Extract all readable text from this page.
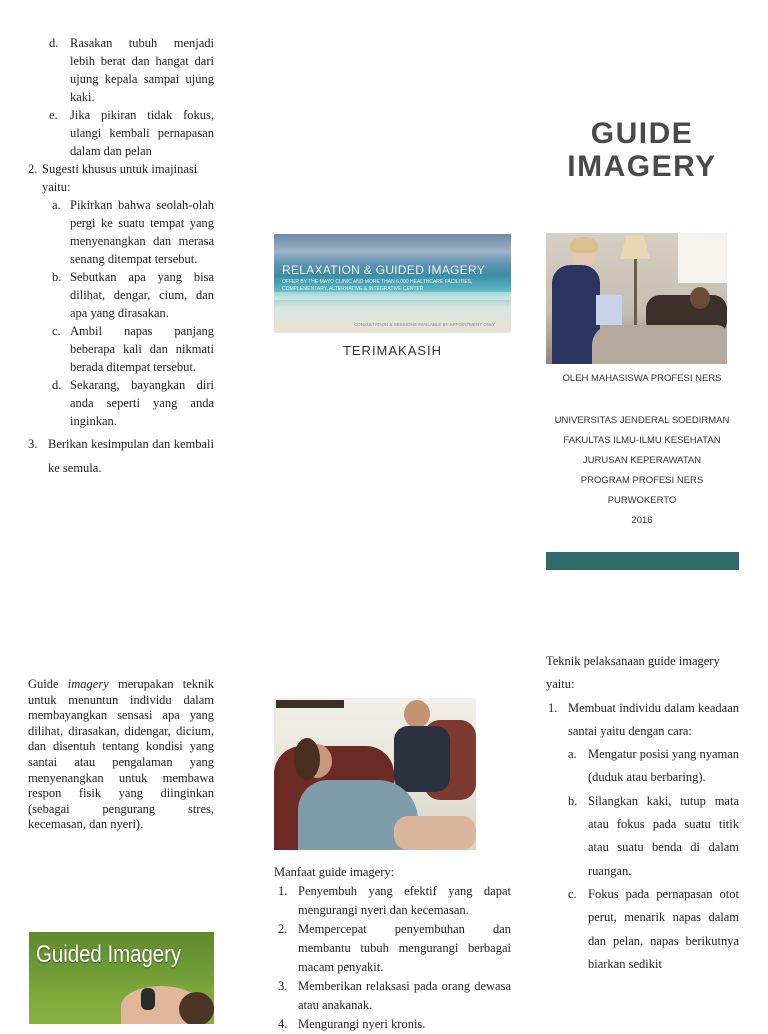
d. Rasakan tubuh menjadi lebih berat dan hangat dari ujung kepala sampai ujung kaki.
e. Jika pikiran tidak fokus, ulangi kembali pernapasan dalam dan pelan
2. Sugesti khusus untuk imajinasi yaitu:
a. Pikirkan bahwa seolah-olah pergi ke suatu tempat yang menyenangkan dan merasa senang ditempat tersebut.
b. Sebutkan apa yang bisa dilihat, dengar, cium, dan apa yang dirasakan.
c. Ambil napas panjang beberapa kali dan nikmati berada ditempat tersebut.
d. Sekarang, bayangkan diri anda seperti yang anda inginkan.
3. Berikan kesimpulan dan kembali ke semula.
RELAXATION & GUIDED IMAGERY
OFFER BY THE MAYO CLINIC AND MORE THAN 6,000 HEALTHCARE FACILITIES,
COMPLEMENTARY, ALTERNATIVE & INTEGRATIVE CENTER
CONSULTATION & SESSIONS AVAILABLE BY APPOINTMENT ONLY
TERIMAKASIH
GUIDE
IMAGERY
OLEH MAHASISWA PROFESI NERS
UNIVERSITAS JENDERAL SOEDIRMAN
FAKULTAS ILMU-ILMU KESEHATAN
JURUSAN KEPERAWATAN
PROGRAM PROFESI NERS
PURWOKERTO
2016
Guide imagery merupakan teknik untuk menuntun individu dalam membayangkan sensasi apa yang dilihat, dirasakan, didengar, dicium, dan disentuh tentang kondisi yang santai atau pengalaman yang menyenangkan untuk membawa respon fisik yang diinginkan (sebagai pengurang stres, kecemasan, dan nyeri).
Guided Imagery
Manfaat guide imagery:
1. Penyembuh yang efektif yang dapat mengurangi nyeri dan kecemasan.
2. Mempercepat penyembuhan dan membantu tubuh mengurangi berbagai macam penyakit.
3. Memberikan relaksasi pada orang dewasa atau anakanak.
4. Mengurangi nyeri kronis.
Teknik pelaksanaan guide imagery yaitu:
1. Membuat individu dalam keadaan santai yaitu dengan cara:
a. Mengatur posisi yang nyaman (duduk atau berbaring).
b. Silangkan kaki, tutup mata atau fokus pada suatu titik atau suatu benda di dalam ruangan.
c. Fokus pada pernapasan otot perut, menarik napas dalam dan pelan, napas berikutnya biarkan sedikit
